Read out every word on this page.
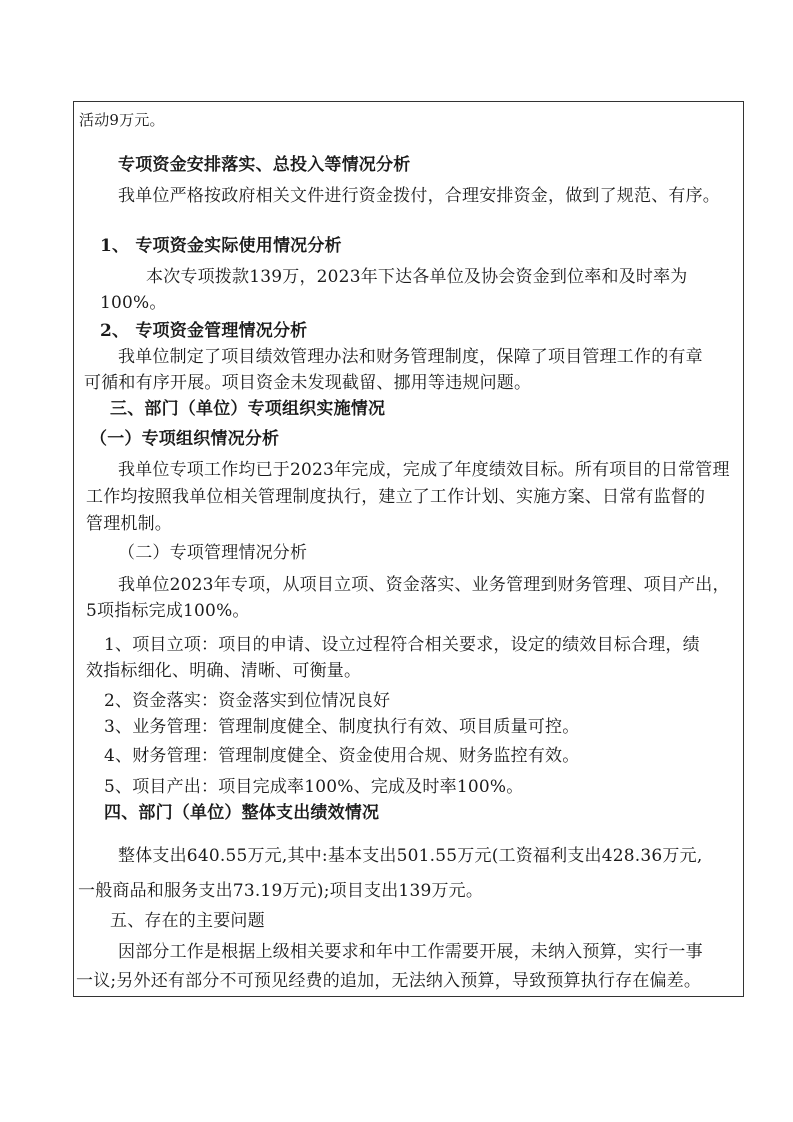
活动9万元。
专项资金安排落实、总投入等情况分析
我单位严格按政府相关文件进行资金拨付，合理安排资金，做到了规范、有序。
1、 专项资金实际使用情况分析
本次专项拨款139万，2023年下达各单位及协会资金到位率和及时率为
100%。
2、 专项资金管理情况分析
我单位制定了项目绩效管理办法和财务管理制度，保障了项目管理工作的有章
可循和有序开展。项目资金未发现截留、挪用等违规问题。
三、部门（单位）专项组织实施情况
（一）专项组织情况分析
我单位专项工作均已于2023年完成，完成了年度绩效目标。所有项目的日常管理
工作均按照我单位相关管理制度执行，建立了工作计划、实施方案、日常有监督的
管理机制。
（二）专项管理情况分析
我单位2023年专项，从项目立项、资金落实、业务管理到财务管理、项目产出，
5项指标完成100%。
1、项目立项：项目的申请、设立过程符合相关要求，设定的绩效目标合理，绩
效指标细化、明确、清晰、可衡量。
2、资金落实：资金落实到位情况良好
3、业务管理：管理制度健全、制度执行有效、项目质量可控。
4、财务管理：管理制度健全、资金使用合规、财务监控有效。
5、项目产出：项目完成率100%、完成及时率100%。
四、部门（单位）整体支出绩效情况
整体支出640.55万元,其中:基本支出501.55万元(工资福利支出428.36万元,
一般商品和服务支出73.19万元);项目支出139万元。
五、存在的主要问题
因部分工作是根据上级相关要求和年中工作需要开展，未纳入预算，实行一事
一议;另外还有部分不可预见经费的追加，无法纳入预算，导致预算执行存在偏差。
